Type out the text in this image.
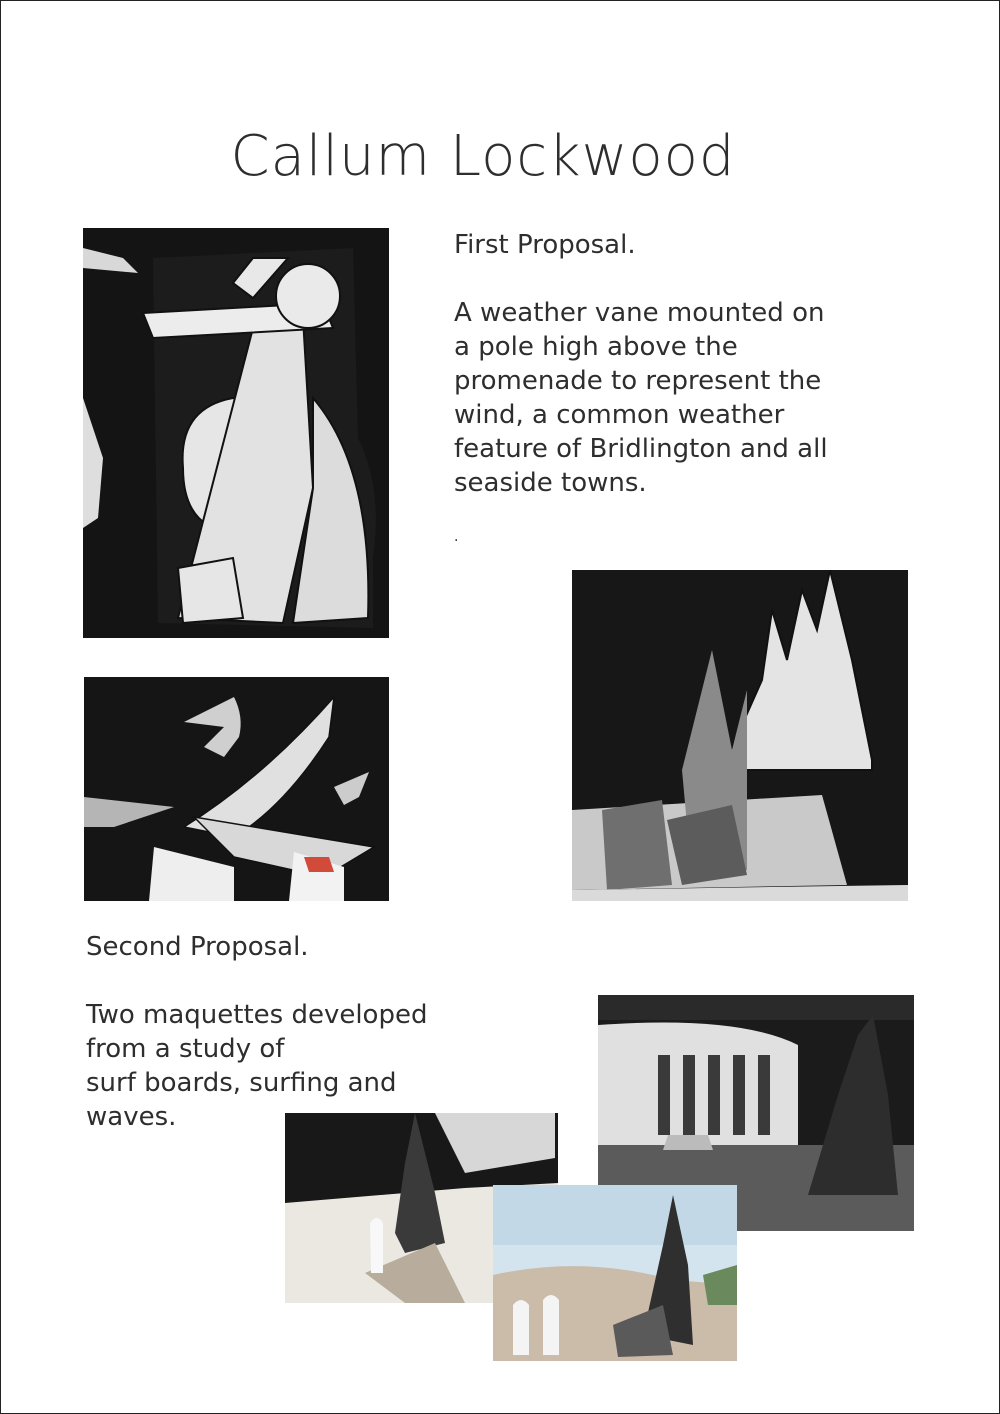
Callum Lockwood
First Proposal.
A weather vane mounted on
a pole high above the
promenade to represent the
wind, a common weather
feature of Bridlington and all
seaside towns.
.
Second Proposal.
Two maquettes developed
from a study of
surf boards, surfing and
waves.
